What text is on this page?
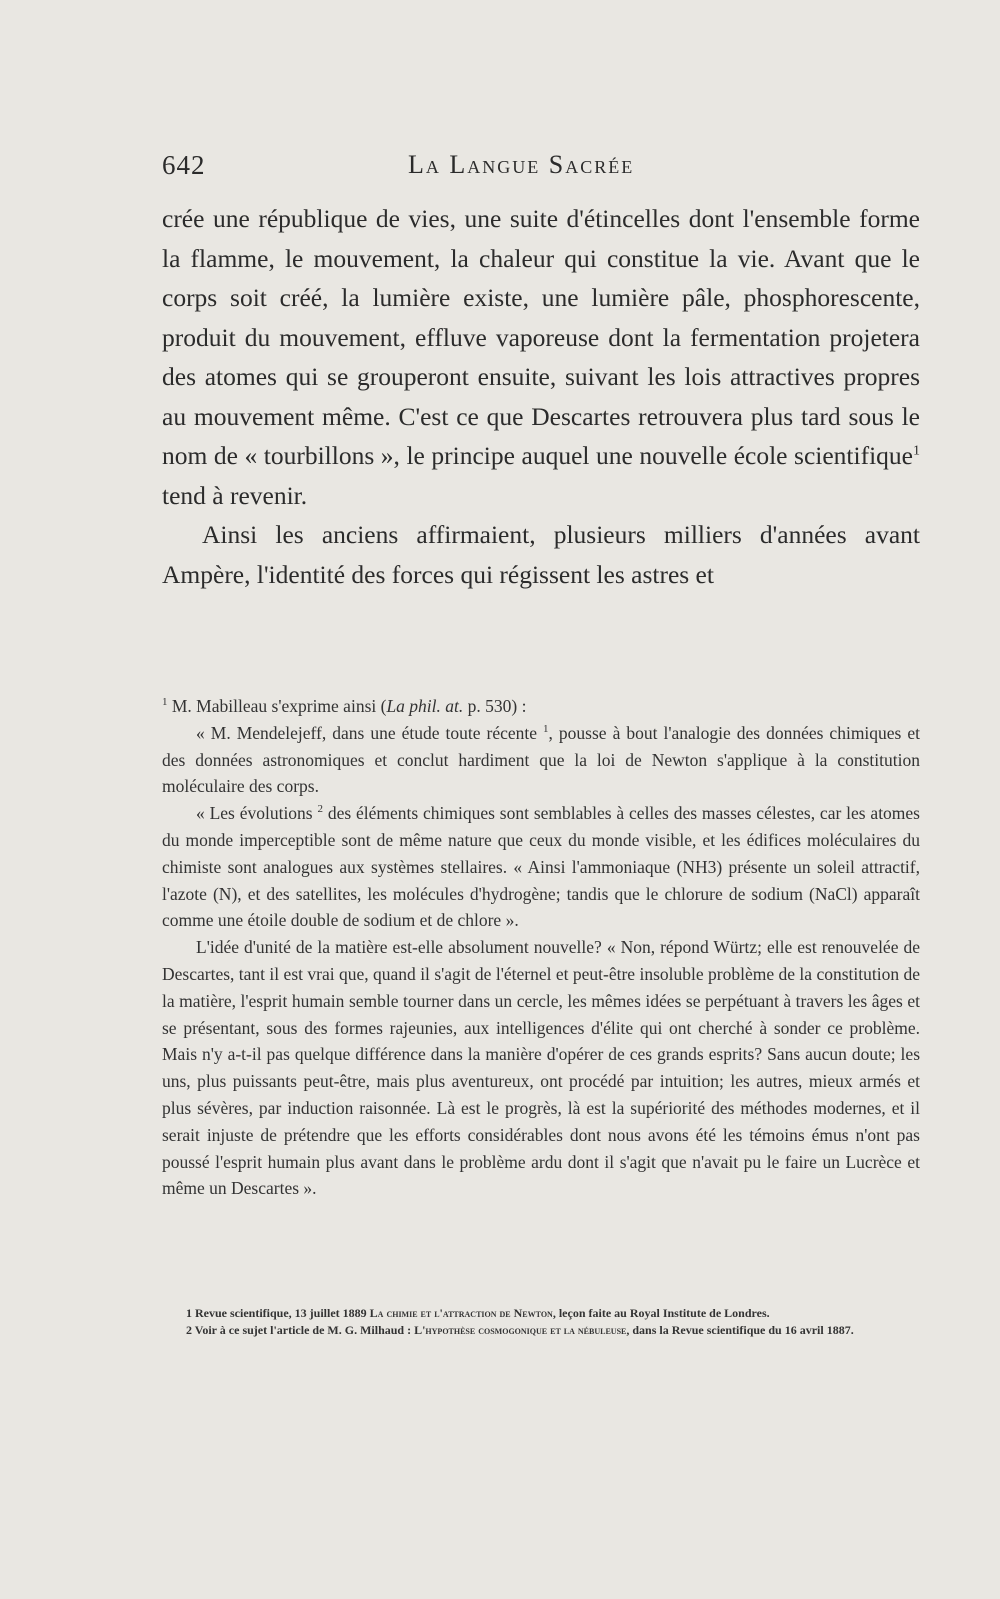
642	La Langue Sacrée

crée une république de vies, une suite d'étincelles dont l'ensemble forme la flamme, le mouvement, la chaleur qui constitue la vie. Avant que le corps soit créé, la lumière existe, une lumière pâle, phosphorescente, produit du mouvement, effluve vaporeuse dont la fermentation projetera des atomes qui se grouperont ensuite, suivant les lois attractives propres au mouvement même. C'est ce que Descartes retrouvera plus tard sous le nom de « tourbillons », le principe auquel une nouvelle école scientifique$^1$ tend à revenir.

Ainsi les anciens affirmaient, plusieurs milliers d'années avant Ampère, l'identité des forces qui régissent les astres et

$^1$ M. Mabilleau s'exprime ainsi (La phil. at. p. 530) :

« M. Mendelejeff, dans une étude toute récente $^1$, pousse à bout l'analogie des données chimiques et des données astronomiques et conclut hardiment que la loi de Newton s'applique à la constitution moléculaire des corps.

« Les évolutions $^2$ des éléments chimiques sont semblables à celles des masses célestes, car les atomes du monde imperceptible sont de même nature que ceux du monde visible, et les édifices moléculaires du chimiste sont analogues aux systèmes stellaires. « Ainsi l'ammoniaque (NH3) présente un soleil attractif, l'azote (N), et des satellites, les molécules d'hydrogène; tandis que le chlorure de sodium (NaCl) apparaît comme une étoile double de sodium et de chlore ».

L'idée d'unité de la matière est-elle absolument nouvelle? « Non, répond Würtz; elle est renouvelée de Descartes, tant il est vrai que, quand il s'agit de l'éternel et peut-être insoluble problème de la constitution de la matière, l'esprit humain semble tourner dans un cercle, les mêmes idées se perpétuant à travers les âges et se présentant, sous des formes rajeunies, aux intelligences d'élite qui ont cherché à sonder ce problème. Mais n'y a-t-il pas quelque différence dans la manière d'opérer de ces grands esprits? Sans aucun doute; les uns, plus puissants peut-être, mais plus aventureux, ont procédé par intuition; les autres, mieux armés et plus sévères, par induction raisonnée. Là est le progrès, là est la supériorité des méthodes modernes, et il serait injuste de prétendre que les efforts considérables dont nous avons été les témoins émus n'ont pas poussé l'esprit humain plus avant dans le problème ardu dont il s'agit que n'avait pu le faire un Lucrèce et même un Descartes ».

1 Revue scientifique, 13 juillet 1889 La chimie et l'attraction de Newton, leçon faite au Royal Institute de Londres.

2 Voir à ce sujet l'article de M. G. Milhaud : L'hypothèse cosmogonique et la nébuleuse, dans la Revue scientifique du 16 avril 1887.
